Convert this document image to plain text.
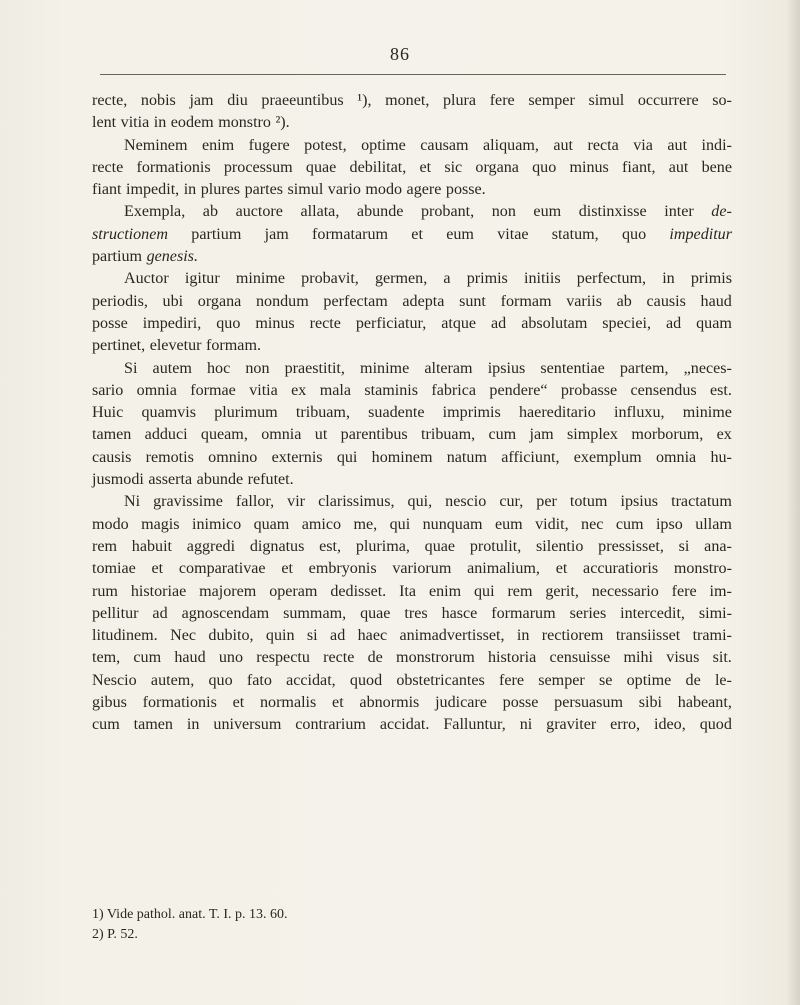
86
recte, nobis jam diu praeeuntibus ¹), monet, plura fere semper simul occurrere so-
lent vitia in eodem monstro ²).
Neminem enim fugere potest, optime causam aliquam, aut recta via aut indi-
recte formationis processum quae debilitat, et sic organa quo minus fiant, aut bene
fiant impedit, in plures partes simul vario modo agere posse.
Exempla, ab auctore allata, abunde probant, non eum distinxisse inter de-
structionem partium jam formatarum et eum vitae statum, quo impeditur
partium genesis.
Auctor igitur minime probavit, germen, a primis initiis perfectum, in primis
periodis, ubi organa nondum perfectam adepta sunt formam variis ab causis haud
posse impediri, quo minus recte perficiatur, atque ad absolutam speciei, ad quam
pertinet, elevetur formam.
Si autem hoc non praestitit, minime alteram ipsius sententiae partem, „neces-
sario omnia formae vitia ex mala staminis fabrica pendere“ probasse censendus est.
Huic quamvis plurimum tribuam, suadente imprimis haereditario influxu, minime
tamen adduci queam, omnia ut parentibus tribuam, cum jam simplex morborum, ex
causis remotis omnino externis qui hominem natum afficiunt, exemplum omnia hu-
jusmodi asserta abunde refutet.
Ni gravissime fallor, vir clarissimus, qui, nescio cur, per totum ipsius tractatum
modo magis inimico quam amico me, qui nunquam eum vidit, nec cum ipso ullam
rem habuit aggredi dignatus est, plurima, quae protulit, silentio pressisset, si ana-
tomiae et comparativae et embryonis variorum animalium, et accuratioris monstro-
rum historiae majorem operam dedisset. Ita enim qui rem gerit, necessario fere im-
pellitur ad agnoscendam summam, quae tres hasce formarum series intercedit, simi-
litudinem. Nec dubito, quin si ad haec animadvertisset, in rectiorem transiisset trami-
tem, cum haud uno respectu recte de monstrorum historia censuisse mihi visus sit.
Nescio autem, quo fato accidat, quod obstetricantes fere semper se optime de le-
gibus formationis et normalis et abnormis judicare posse persuasum sibi habeant,
cum tamen in universum contrarium accidat. Falluntur, ni graviter erro, ideo, quod
1) Vide pathol. anat. T. I. p. 13. 60.
2) P. 52.
